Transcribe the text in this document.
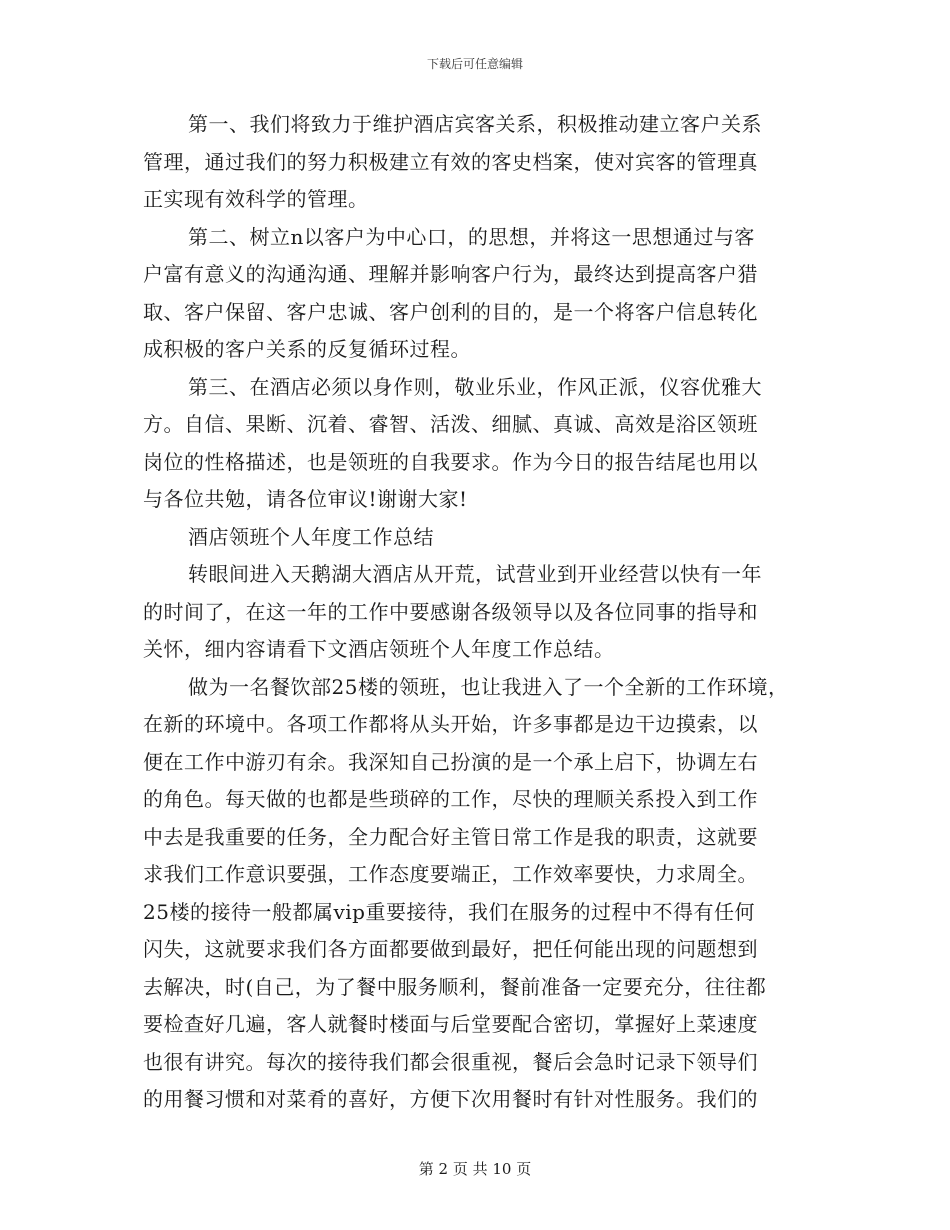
下载后可任意编辑
第一、我们将致力于维护酒店宾客关系，积极推动建立客户关系
管理，通过我们的努力积极建立有效的客史档案，使对宾客的管理真
正实现有效科学的管理。
第二、树立n以客户为中心口，的思想，并将这一思想通过与客
户富有意义的沟通沟通、理解并影响客户行为，最终达到提高客户猎
取、客户保留、客户忠诚、客户创利的目的，是一个将客户信息转化
成积极的客户关系的反复循环过程。
第三、在酒店必须以身作则，敬业乐业，作风正派，仪容优雅大
方。自信、果断、沉着、睿智、活泼、细腻、真诚、高效是浴区领班
岗位的性格描述，也是领班的自我要求。作为今日的报告结尾也用以
与各位共勉，请各位审议!谢谢大家!
酒店领班个人年度工作总结
转眼间进入天鹅湖大酒店从开荒，试营业到开业经营以快有一年
的时间了，在这一年的工作中要感谢各级领导以及各位同事的指导和
关怀，细内容请看下文酒店领班个人年度工作总结。
做为一名餐饮部25楼的领班，也让我进入了一个全新的工作环境，
在新的环境中。各项工作都将从头开始，许多事都是边干边摸索，以
便在工作中游刃有余。我深知自己扮演的是一个承上启下，协调左右
的角色。每天做的也都是些琐碎的工作，尽快的理顺关系投入到工作
中去是我重要的任务，全力配合好主管日常工作是我的职责，这就要
求我们工作意识要强，工作态度要端正，工作效率要快，力求周全。
25楼的接待一般都属vip重要接待，我们在服务的过程中不得有任何
闪失，这就要求我们各方面都要做到最好，把任何能出现的问题想到
去解决，时(自己，为了餐中服务顺利，餐前准备一定要充分，往往都
要检查好几遍，客人就餐时楼面与后堂要配合密切，掌握好上菜速度
也很有讲究。每次的接待我们都会很重视，餐后会急时记录下领导们
的用餐习惯和对菜肴的喜好，方便下次用餐时有针对性服务。我们的
第 2 页 共 10 页
